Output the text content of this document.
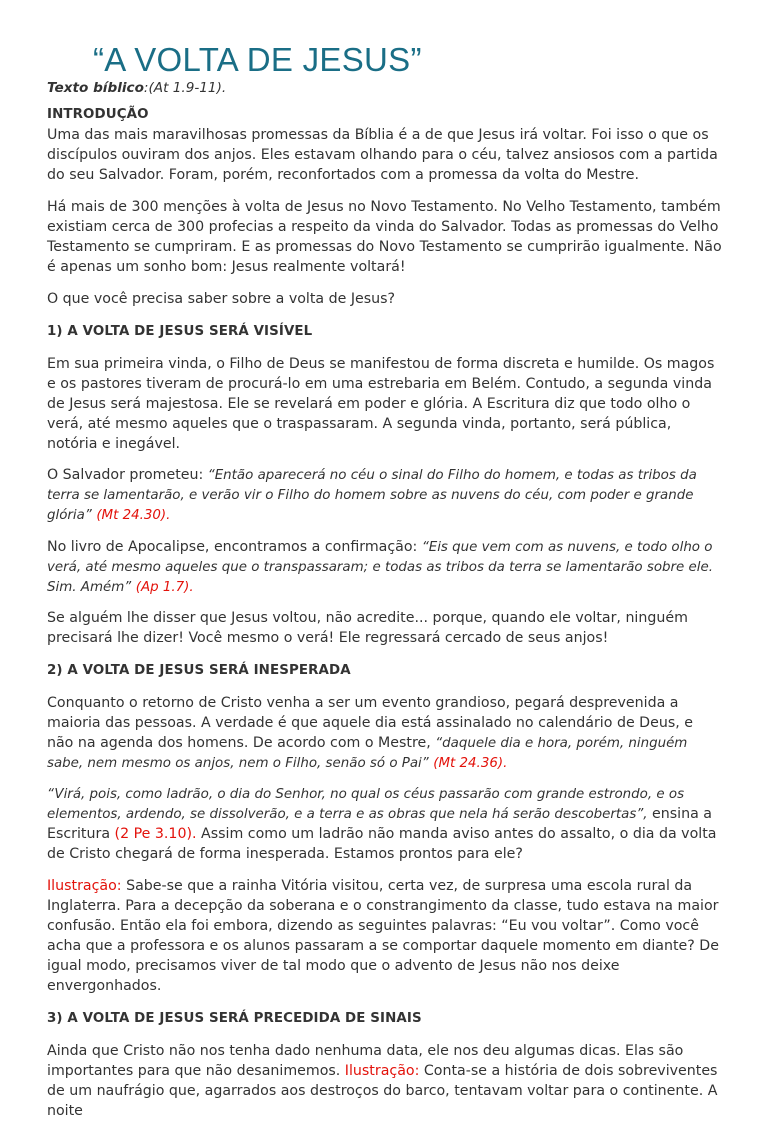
“A VOLTA DE JESUS”

Texto bíblico:(At 1.9-11).

INTRODUÇÃO

Uma das mais maravilhosas promessas da Bíblia é a de que Jesus irá voltar. Foi isso o que os discípulos ouviram dos anjos. Eles estavam olhando para o céu, talvez ansiosos com a partida do seu Salvador. Foram, porém, reconfortados com a promessa da volta do Mestre.

Há mais de 300 menções à volta de Jesus no Novo Testamento. No Velho Testamento, também existiam cerca de 300 profecias a respeito da vinda do Salvador. Todas as promessas do Velho Testamento se cumpriram. E as promessas do Novo Testamento se cumprirão igualmente. Não é apenas um sonho bom: Jesus realmente voltará!

O que você precisa saber sobre a volta de Jesus?

1) A VOLTA DE JESUS SERÁ VISÍVEL

Em sua primeira vinda, o Filho de Deus se manifestou de forma discreta e humilde. Os magos e os pastores tiveram de procurá-lo em uma estrebaria em Belém. Contudo, a segunda vinda de Jesus será majestosa. Ele se revelará em poder e glória. A Escritura diz que todo olho o verá, até mesmo aqueles que o traspassaram. A segunda vinda, portanto, será pública, notória e inegável.

O Salvador prometeu: “Então aparecerá no céu o sinal do Filho do homem, e todas as tribos da terra se lamentarão, e verão vir o Filho do homem sobre as nuvens do céu, com poder e grande glória” (Mt 24.30).

No livro de Apocalipse, encontramos a confirmação: “Eis que vem com as nuvens, e todo olho o verá, até mesmo aqueles que o transpassaram; e todas as tribos da terra se lamentarão sobre ele. Sim. Amém” (Ap 1.7).

Se alguém lhe disser que Jesus voltou, não acredite... porque, quando ele voltar, ninguém precisará lhe dizer! Você mesmo o verá! Ele regressará cercado de seus anjos!

2) A VOLTA DE JESUS SERÁ INESPERADA

Conquanto o retorno de Cristo venha a ser um evento grandioso, pegará desprevenida a maioria das pessoas. A verdade é que aquele dia está assinalado no calendário de Deus, e não na agenda dos homens. De acordo com o Mestre, “daquele dia e hora, porém, ninguém sabe, nem mesmo os anjos, nem o Filho, senão só o Pai” (Mt 24.36).

“Virá, pois, como ladrão, o dia do Senhor, no qual os céus passarão com grande estrondo, e os elementos, ardendo, se dissolverão, e a terra e as obras que nela há serão descobertas”, ensina a Escritura (2 Pe 3.10). Assim como um ladrão não manda aviso antes do assalto, o dia da volta de Cristo chegará de forma inesperada. Estamos prontos para ele?

Ilustração: Sabe-se que a rainha Vitória visitou, certa vez, de surpresa uma escola rural da Inglaterra. Para a decepção da soberana e o constrangimento da classe, tudo estava na maior confusão. Então ela foi embora, dizendo as seguintes palavras: “Eu vou voltar”. Como você acha que a professora e os alunos passaram a se comportar daquele momento em diante? De igual modo, precisamos viver de tal modo que o advento de Jesus não nos deixe envergonhados.

3) A VOLTA DE JESUS SERÁ PRECEDIDA DE SINAIS

Ainda que Cristo não nos tenha dado nenhuma data, ele nos deu algumas dicas. Elas são importantes para que não desanimemos. Ilustração: Conta-se a história de dois sobreviventes de um naufrágio que, agarrados aos destroços do barco, tentavam voltar para o continente. A noite
